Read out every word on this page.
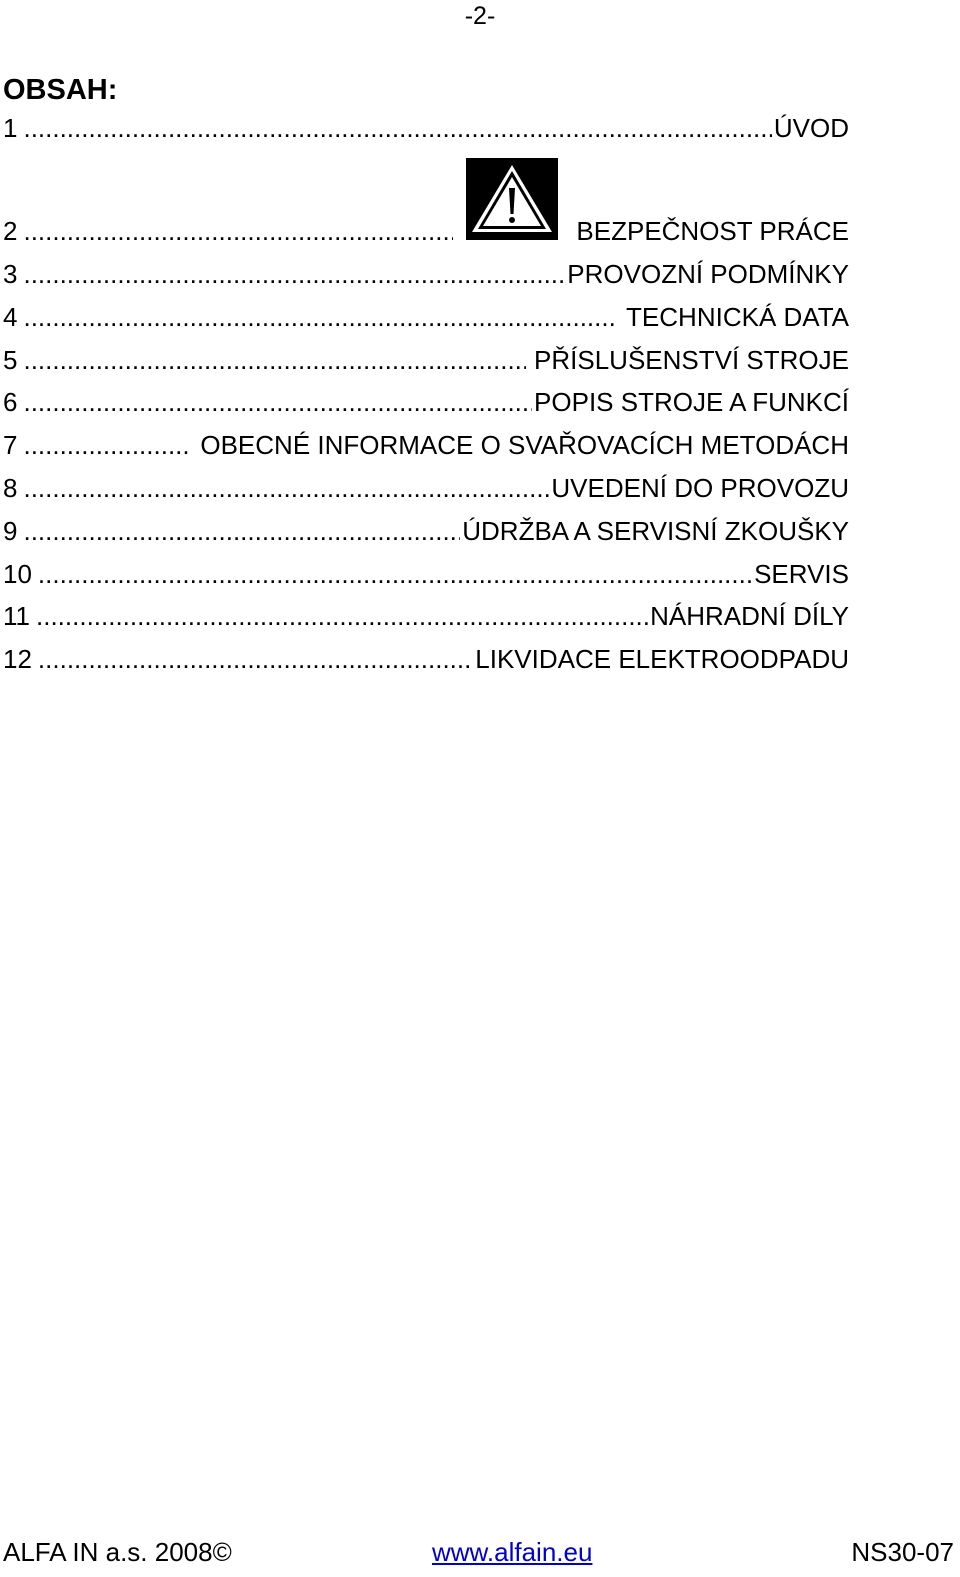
-2-
OBSAH:
1 .....	ÚVOD
2 .....	BEZPEČNOST PRÁCE
3 .....	PROVOZNÍ PODMÍNKY
4 .....	TECHNICKÁ DATA
5 .....	PŘÍSLUŠENSTVÍ STROJE
6 .....	POPIS STROJE A FUNKCÍ
7 .....	OBECNÉ INFORMACE O SVAŘOVACÍCH METODÁCH
8 .....	UVEDENÍ DO PROVOZU
9 .....	ÚDRŽBA A SERVISNÍ ZKOUŠKY
10 .....	SERVIS
11 .....	NÁHRADNÍ DÍLY
12 .....	LIKVIDACE ELEKTROODPADU
ALFA IN a.s. 2008©	www.alfain.eu	NS30-07
